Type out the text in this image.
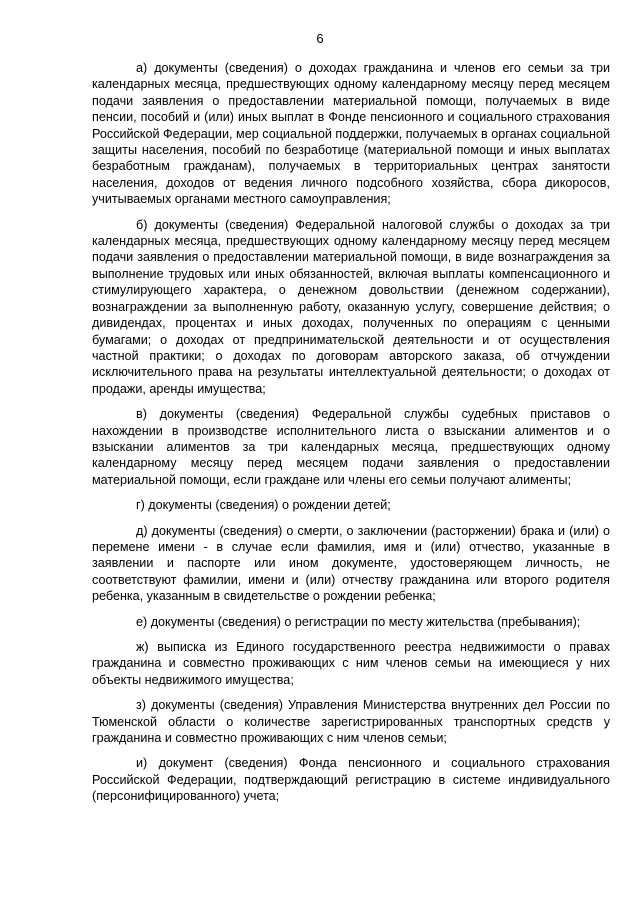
6

а) документы (сведения) о доходах гражданина и членов его семьи за три календарных месяца, предшествующих одному календарному месяцу перед месяцем подачи заявления о предоставлении материальной помощи, получаемых в виде пенсии, пособий и (или) иных выплат в Фонде пенсионного и социального страхования Российской Федерации, мер социальной поддержки, получаемых в органах социальной защиты населения, пособий по безработице (материальной помощи и иных выплатах безработным гражданам), получаемых в территориальных центрах занятости населения, доходов от ведения личного подсобного хозяйства, сбора дикоросов, учитываемых органами местного самоуправления;

б) документы (сведения) Федеральной налоговой службы о доходах за три календарных месяца, предшествующих одному календарному месяцу перед месяцем подачи заявления о предоставлении материальной помощи, в виде вознаграждения за выполнение трудовых или иных обязанностей, включая выплаты компенсационного и стимулирующего характера, о денежном довольствии (денежном содержании), вознаграждении за выполненную работу, оказанную услугу, совершение действия; о дивидендах, процентах и иных доходах, полученных по операциям с ценными бумагами; о доходах от предпринимательской деятельности и от осуществления частной практики; о доходах по договорам авторского заказа, об отчуждении исключительного права на результаты интеллектуальной деятельности; о доходах от продажи, аренды имущества;

в) документы (сведения) Федеральной службы судебных приставов о нахождении в производстве исполнительного листа о взыскании алиментов и о взыскании алиментов за три календарных месяца, предшествующих одному календарному месяцу перед месяцем подачи заявления о предоставлении материальной помощи, если граждане или члены его семьи получают алименты;

г) документы (сведения) о рождении детей;

д) документы (сведения) о смерти, о заключении (расторжении) брака и (или) о перемене имени - в случае если фамилия, имя и (или) отчество, указанные в заявлении и паспорте или ином документе, удостоверяющем личность, не соответствуют фамилии, имени и (или) отчеству гражданина или второго родителя ребенка, указанным в свидетельстве о рождении ребенка;

е) документы (сведения) о регистрации по месту жительства (пребывания);

ж) выписка из Единого государственного реестра недвижимости о правах гражданина и совместно проживающих с ним членов семьи на имеющиеся у них объекты недвижимого имущества;

з) документы (сведения) Управления Министерства внутренних дел России по Тюменской области о количестве зарегистрированных транспортных средств у гражданина и совместно проживающих с ним членов семьи;

и) документ (сведения) Фонда пенсионного и социального страхования Российской Федерации, подтверждающий регистрацию в системе индивидуального (персонифицированного) учета;
